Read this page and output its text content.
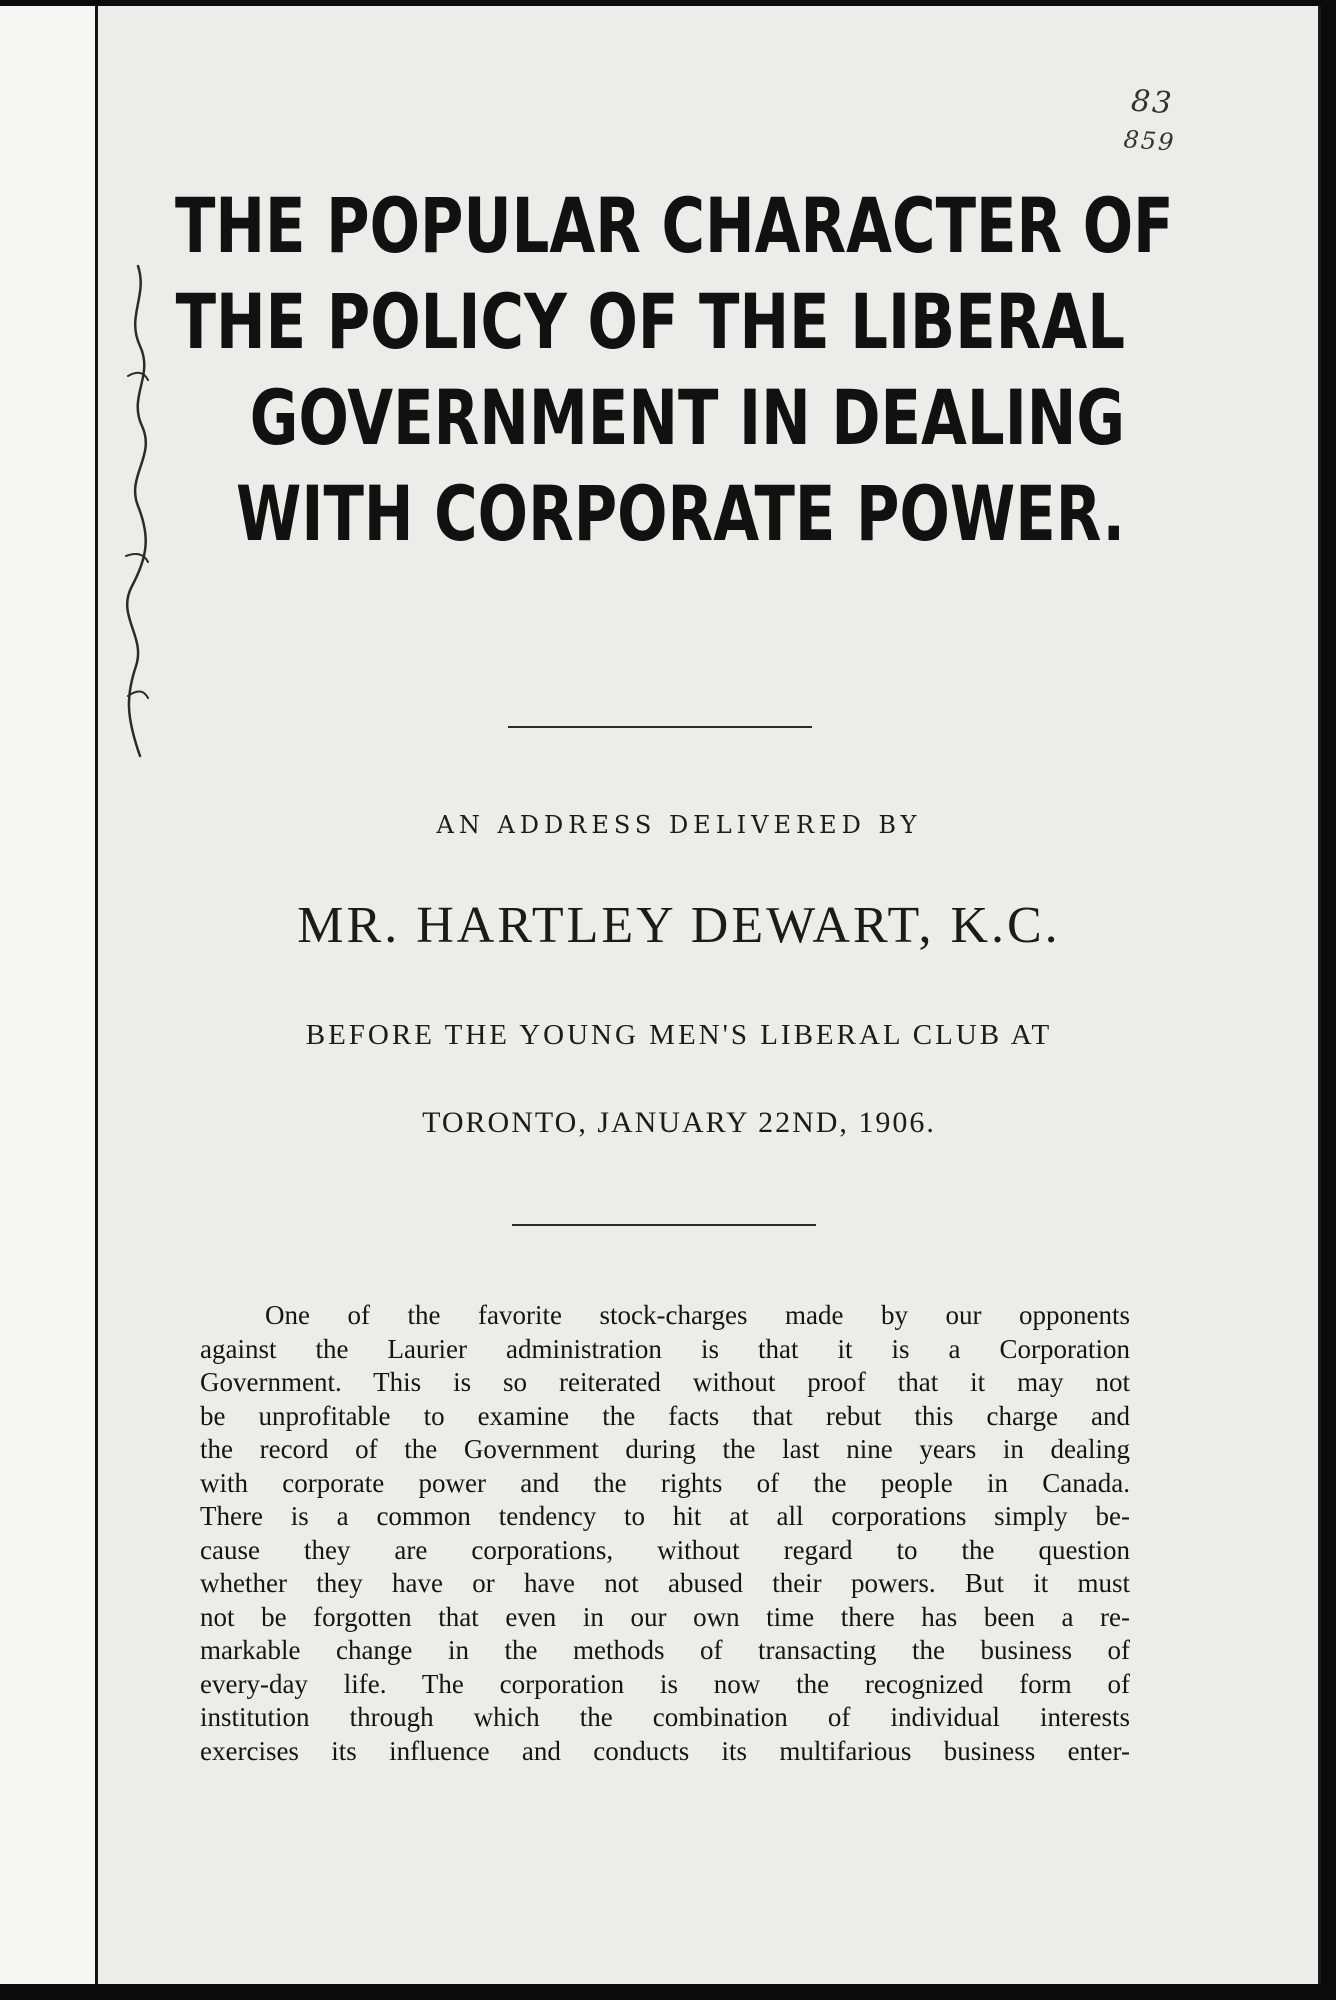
83
859
THE POPULAR CHARACTER OF
THE POLICY OF THE LIBERAL
GOVERNMENT IN DEALING
WITH CORPORATE POWER.
AN ADDRESS DELIVERED BY
MR. HARTLEY DEWART, K.C.
BEFORE THE YOUNG MEN'S LIBERAL CLUB AT
TORONTO, JANUARY 22ND, 1906.
One of the favorite stock-charges made by our opponents
against the Laurier administration is that it is a Corporation
Government. This is so reiterated without proof that it may not
be unprofitable to examine the facts that rebut this charge and
the record of the Government during the last nine years in dealing
with corporate power and the rights of the people in Canada.
There is a common tendency to hit at all corporations simply be-
cause they are corporations, without regard to the question
whether they have or have not abused their powers. But it must
not be forgotten that even in our own time there has been a re-
markable change in the methods of transacting the business of
every-day life. The corporation is now the recognized form of
institution through which the combination of individual interests
exercises its influence and conducts its multifarious business enter-
